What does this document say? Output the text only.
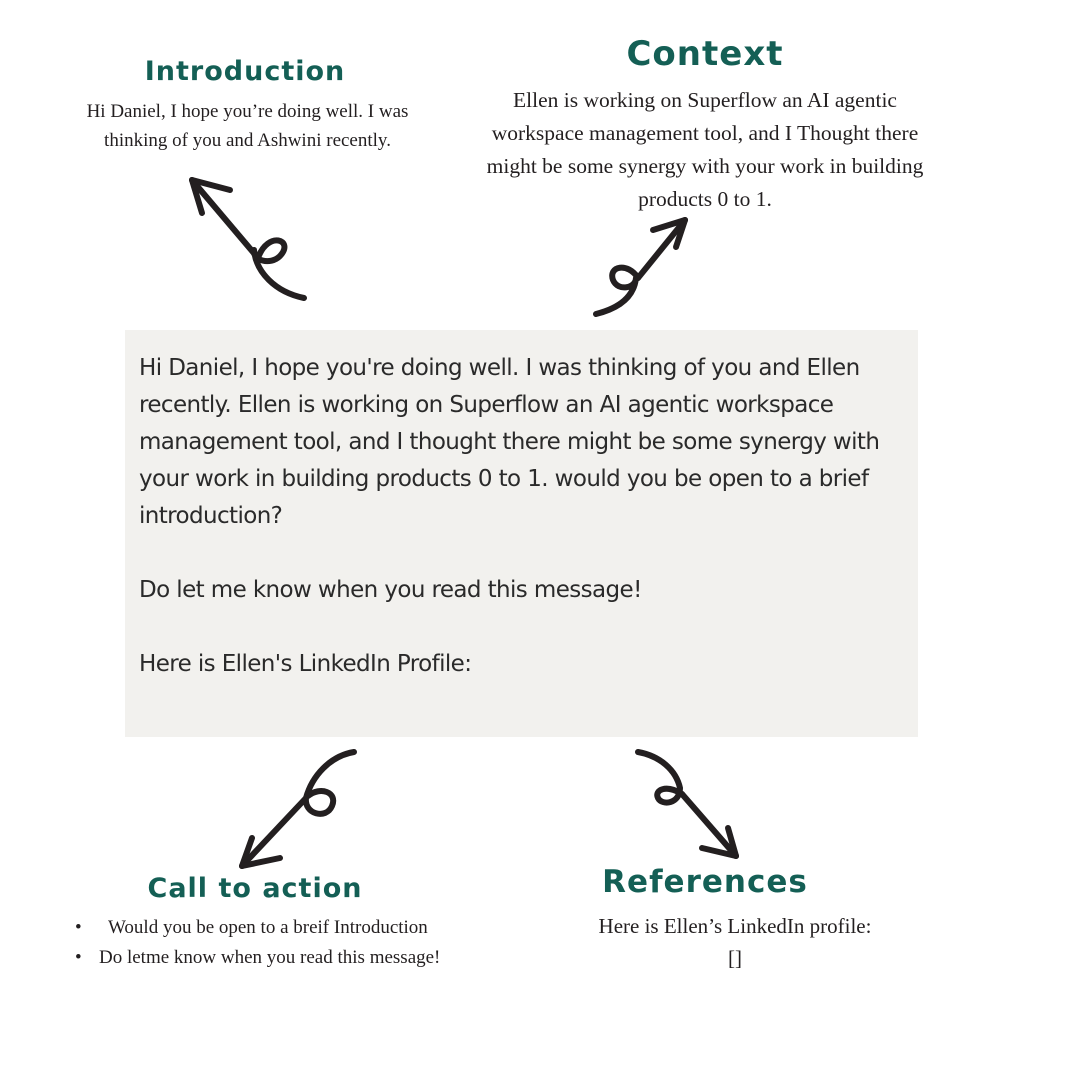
Introduction

Hi Daniel, I hope you’re doing well. I was thinking of you and Ashwini recently.

Context

Ellen is working on Superflow an AI agentic workspace management tool, and I Thought there might be some synergy with your work in building products 0 to 1.

Hi Daniel, I hope you're doing well. I was thinking of you and Ellen recently. Ellen is working on Superflow an AI agentic workspace management tool, and I thought there might be some synergy with your work in building products 0 to 1. would you be open to a brief introduction?

Do let me know when you read this message!

Here is Ellen's LinkedIn Profile:

Call to action
• Would you be open to a breif Introduction
• Do letme know when you read this message!
References
Here is Ellen’s LinkedIn profile:
[]
